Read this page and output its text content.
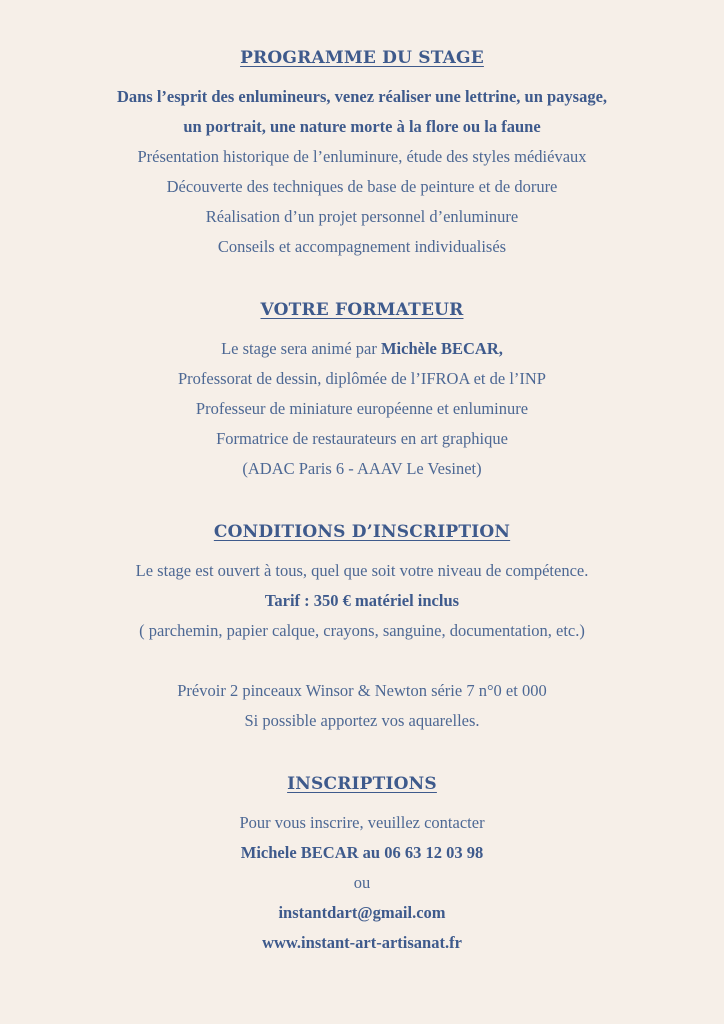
PROGRAMME DU STAGE
Dans l’esprit des enlumineurs, venez réaliser une lettrine, un paysage,
un portrait, une nature morte à la flore ou la faune
Présentation historique de l’enluminure, étude des styles médiévaux
Découverte des techniques de base de peinture et de dorure
Réalisation d’un projet personnel d’enluminure
Conseils et accompagnement individualisés
VOTRE FORMATEUR
Le stage sera animé par Michèle BECAR,
Professorat de dessin, diplômée de l’IFROA et de l’INP
Professeur de miniature européenne et enluminure
Formatrice de restaurateurs en art graphique
(ADAC Paris 6 - AAAV Le Vesinet)
CONDITIONS D’INSCRIPTION
Le stage est ouvert à tous, quel que soit votre niveau de compétence.
Tarif : 350 € matériel inclus
( parchemin, papier calque, crayons, sanguine, documentation, etc.)
Prévoir 2 pinceaux Winsor & Newton série 7 n°0 et 000
Si possible apportez vos aquarelles.
INSCRIPTIONS
Pour vous inscrire, veuillez contacter
Michele BECAR au 06 63 12 03 98
ou
instantdart@gmail.com
www.instant-art-artisanat.fr
